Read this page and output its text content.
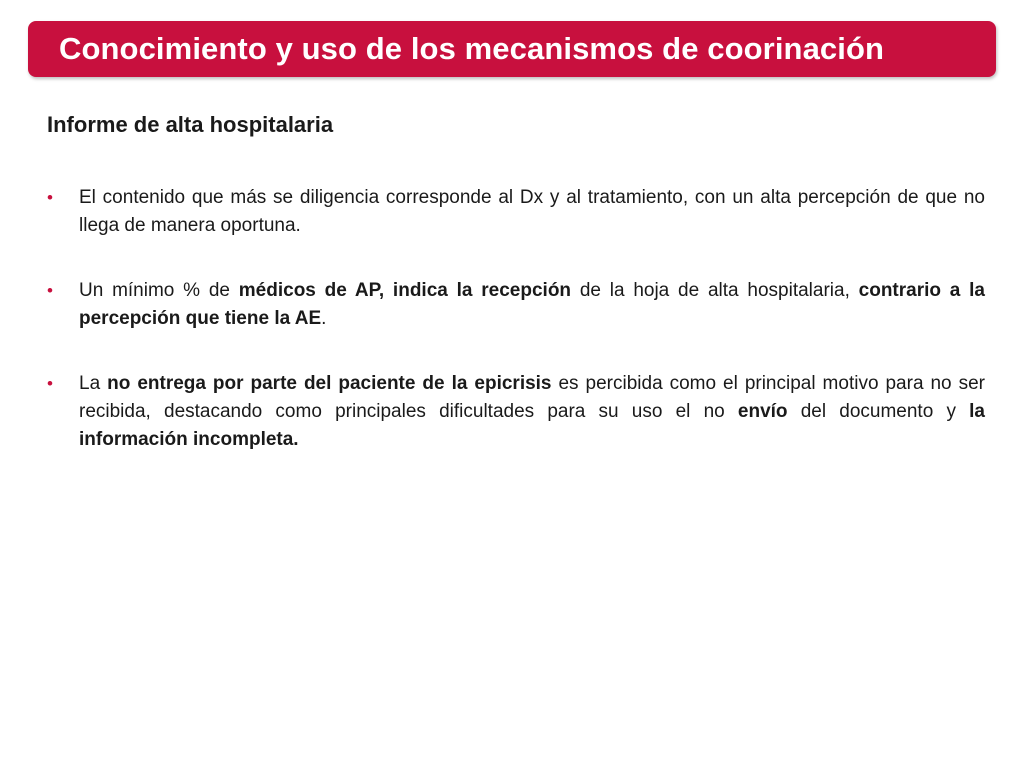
Conocimiento y uso de los mecanismos de coorinación
Informe de alta hospitalaria
• El contenido que más se diligencia corresponde al Dx y al tratamiento, con un alta percepción de que no llega de manera oportuna.
• Un mínimo % de médicos de AP, indica la recepción de la hoja de alta hospitalaria, contrario a la percepción que tiene la AE.
• La no entrega por parte del paciente de la epicrisis es percibida como el principal motivo para no ser recibida, destacando como principales dificultades para su uso el no envío del documento y la información incompleta.
